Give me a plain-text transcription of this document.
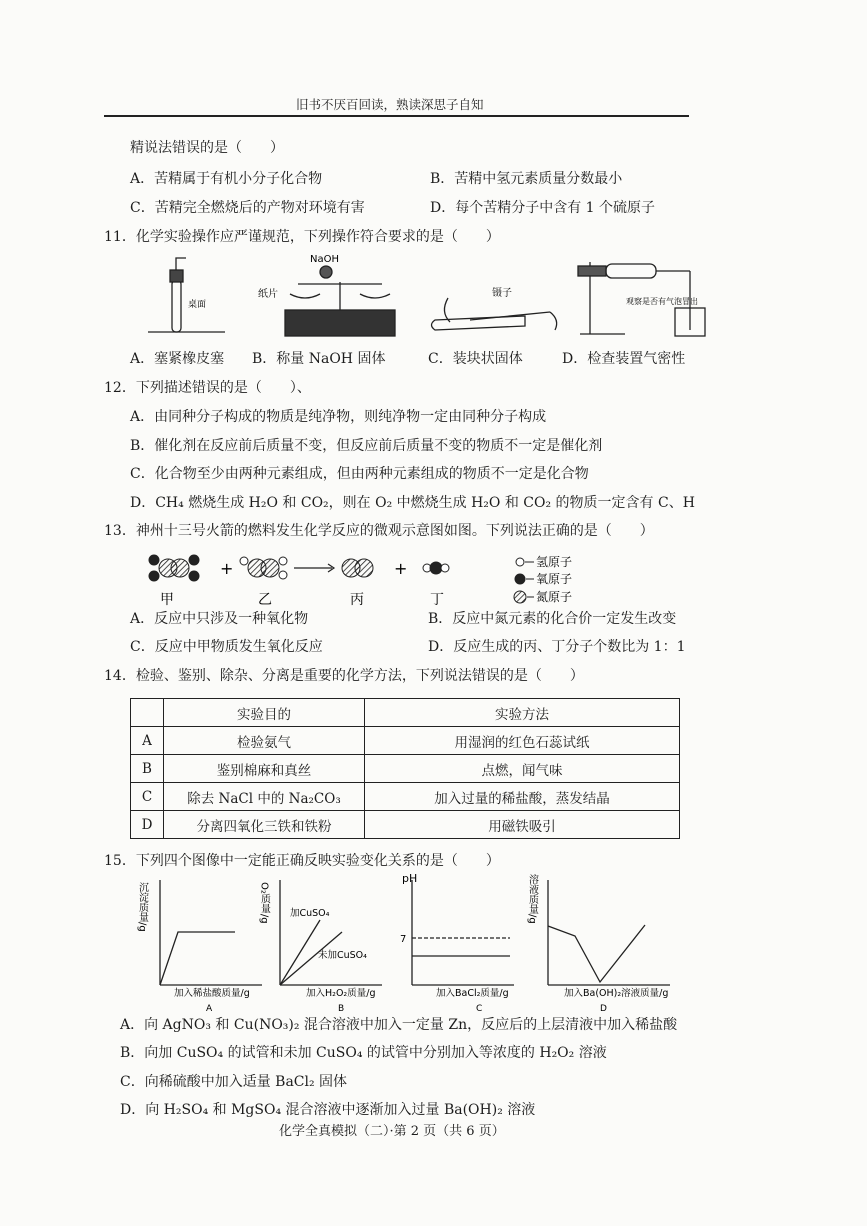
旧书不厌百回读，熟读深思子自知
精说法错误的是（　　）
A．苦精属于有机小分子化合物	B．苦精中氢元素质量分数最小
C．苦精完全燃烧后的产物对环境有害	D．每个苦精分子中含有 1 个硫原子
11．化学实验操作应严谨规范，下列操作符合要求的是（　　）
桌面
NaOH
纸片	镊子
观察是否有气泡冒出
A．塞紧橡皮塞 B．称量 NaOH 固体	C．装块状固体	D．检查装置气密性
12．下列描述错误的是（　　）、
A．由同种分子构成的物质是纯净物，则纯净物一定由同种分子构成
B．催化剂在反应前后质量不变，但反应前后质量不变的物质不一定是催化剂
C．化合物至少由两种元素组成，但由两种元素组成的物质不一定是化合物
D．CH₄ 燃烧生成 H₂O 和 CO₂，则在 O₂ 中燃烧生成 H₂O 和 CO₂ 的物质一定含有 C、H
13．神州十三号火箭的燃料发生化学反应的微观示意图如图。下列说法正确的是（　　）
+	+
甲	乙	丙	丁
氢原子
氧原子
氮原子
A．反应中只涉及一种氧化物	B．反应中氮元素的化合价一定发生改变
C．反应中甲物质发生氧化反应	D．反应生成的丙、丁分子个数比为 1：1
14．检验、鉴别、除杂、分离是重要的化学方法，下列说法错误的是（　　）
	实验目的	实验方法
A	检验氨气	用湿润的红色石蕊试纸
B	鉴别棉麻和真丝	点燃，闻气味
C	除去 NaCl 中的 Na₂CO₃	加入过量的稀盐酸，蒸发结晶
D	分离四氧化三铁和铁粉	用磁铁吸引
15．下列四个图像中一定能正确反映实验变化关系的是（　　）
沉淀质量/g
加入稀盐酸质量/g
A
O₂质量/g 加CuSO₄
未加CuSO₄
加入H₂O₂质量/g
B
pH
7
加入BaCl₂质量/g
C
溶液质量/g
加入Ba(OH)₂溶液质量/g
D
A．向 AgNO₃ 和 Cu(NO₃)₂ 混合溶液中加入一定量 Zn，反应后的上层清液中加入稀盐酸
B．向加 CuSO₄ 的试管和未加 CuSO₄ 的试管中分别加入等浓度的 H₂O₂ 溶液
C．向稀硫酸中加入适量 BaCl₂ 固体
D．向 H₂SO₄ 和 MgSO₄ 混合溶液中逐渐加入过量 Ba(OH)₂ 溶液
化学全真模拟（二）·第 2 页（共 6 页）
